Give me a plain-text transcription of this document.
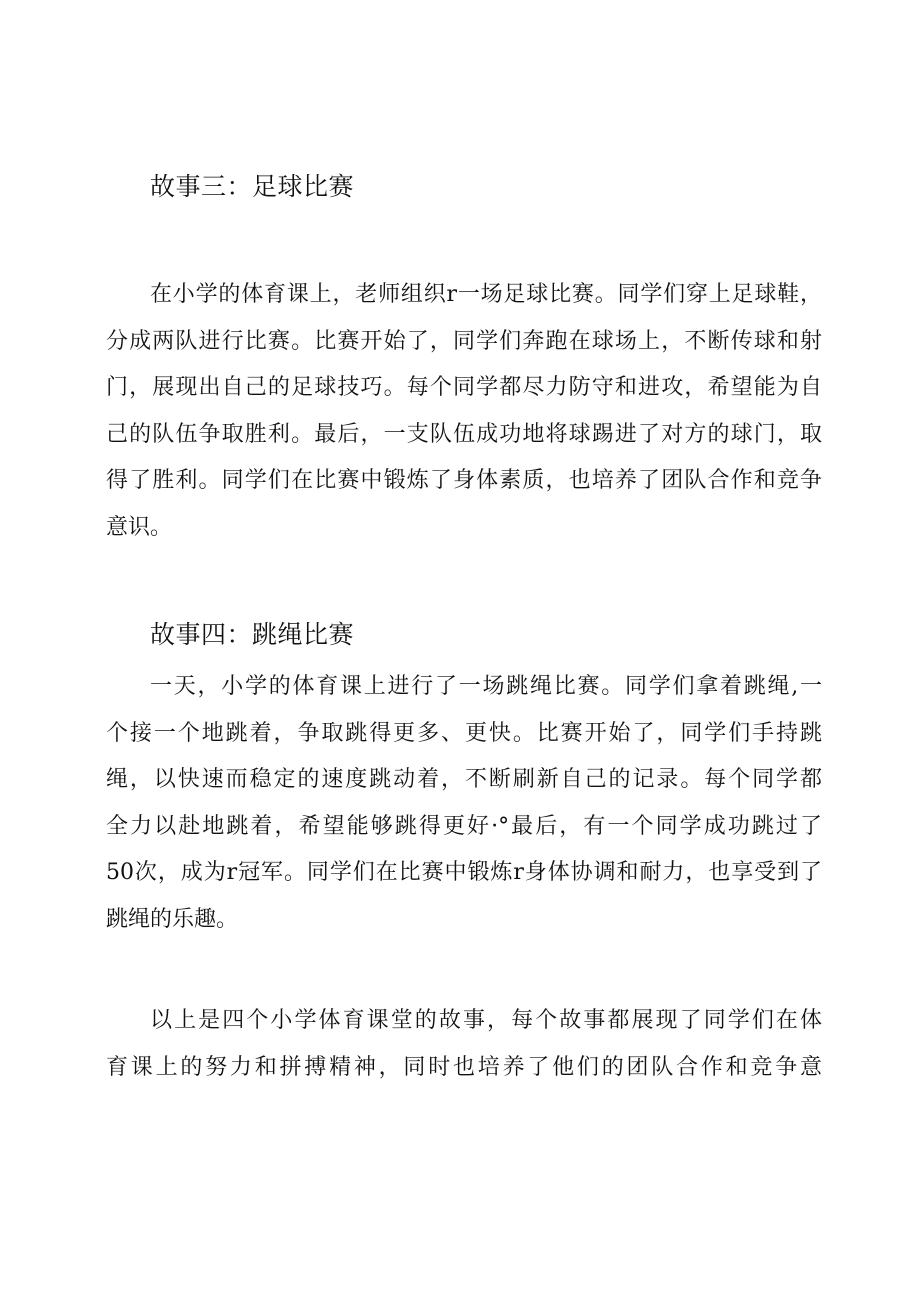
故事三：足球比赛
在小学的体育课上，老师组织r一场足球比赛。同学们穿上足球鞋，
分成两队进行比赛。比赛开始了，同学们奔跑在球场上，不断传球和射
门，展现出自己的足球技巧。每个同学都尽力防守和进攻，希望能为自
己的队伍争取胜利。最后，一支队伍成功地将球踢进了对方的球门，取
得了胜利。同学们在比赛中锻炼了身体素质，也培养了团队合作和竞争
意识。
故事四：跳绳比赛
一天，小学的体育课上进行了一场跳绳比赛。同学们拿着跳绳,一
个接一个地跳着，争取跳得更多、更快。比赛开始了，同学们手持跳
绳，以快速而稳定的速度跳动着，不断刷新自己的记录。每个同学都
全力以赴地跳着，希望能够跳得更好·°最后，有一个同学成功跳过了
50次，成为r冠军。同学们在比赛中锻炼r身体协调和耐力，也享受到了
跳绳的乐趣。
以上是四个小学体育课堂的故事，每个故事都展现了同学们在体
育课上的努力和拼搏精神，同时也培养了他们的团队合作和竞争意
